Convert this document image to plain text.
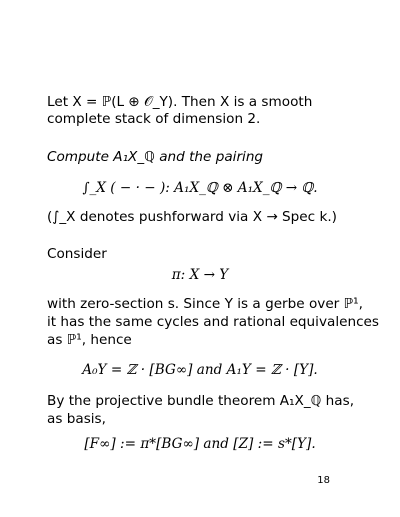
Let X = ℙ(L ⊕ 𝒪_Y). Then X is a smooth
complete stack of dimension 2.
Compute A₁X_ℚ and the pairing
∫_X ( − · − ): A₁X_ℚ ⊗ A₁X_ℚ → ℚ.
(∫_X denotes pushforward via X → Spec k.)
Consider
π: X → Y
with zero-section s. Since Y is a gerbe over ℙ¹,
it has the same cycles and rational equivalences
as ℙ¹, hence
A₀Y = ℤ · [BG∞] and A₁Y = ℤ · [Y].
By the projective bundle theorem A₁X_ℚ has,
as basis,
[F∞] := π*[BG∞] and [Z] := s*[Y].
18
